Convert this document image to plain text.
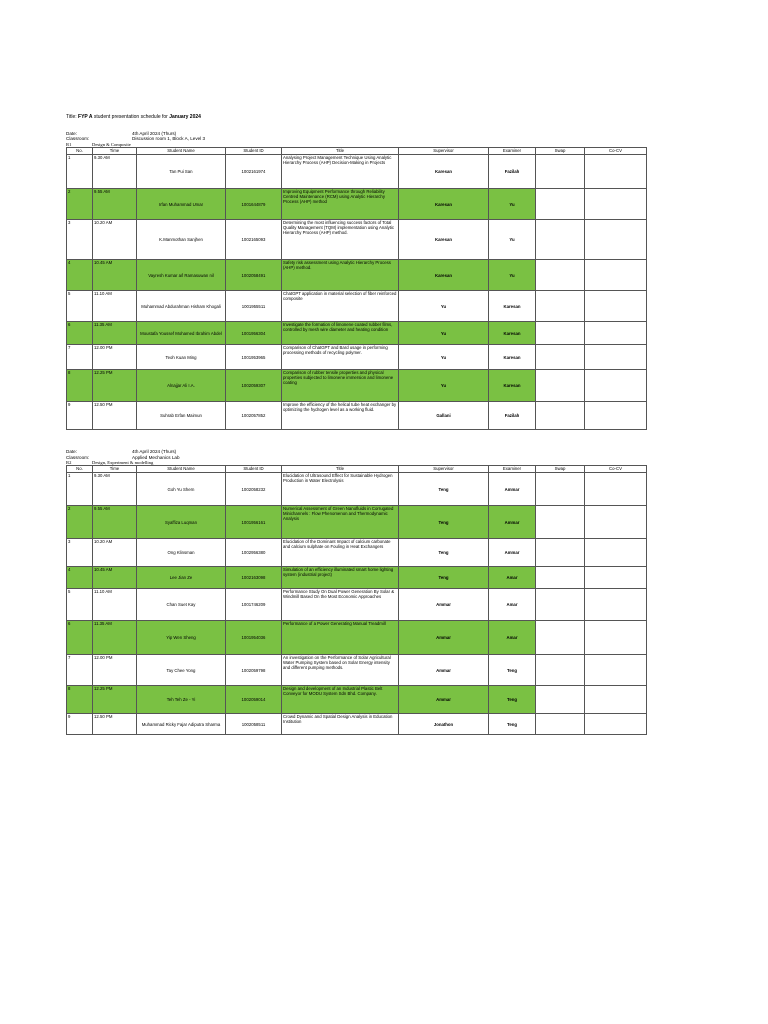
Title: FYP A student presentation schedule for January 2024
Date:	4th April 2024 (Thurs)
Classroom:	Discussion room 1, Block A, Level 3
R1	Design & Composite
No.	Time	Student Name	Student ID	Title	Supervisor	Examiner	Swap	Co-CV
1	9.30 AM	Tan Pui San	1002161974	Analysing Project Management Technique Using Analytic Hierarchy Process (AHP) Decision-Making in Projects	Karesan	Fazilah		
2	9.55 AM	Irfan Muhammad Umar	1001644879	Improving Equipment Performance through Reliability Centred Maintenance (RCM) using Analytic Hierarchy Process (AHP) method	Karesan	Yu		
3	10.20 AM	K.Manmothan Sanjhen	1002165093	Determining the most influencing success factors of Total Quality Management (TQM) implementation using Analytic Hierarchy Process (AHP) method.	Karesan	Yu		
4	10.45 AM	Vayresh Kumar a/l Ramasuwan nil	1002058491	Safety risk assessment using Analytic Hierarchy Process (AHP) method.	Karesan	Yu		
5	11.10 AM	Muhammad Abdurahman Hisham Khogali	1001955511	ChatGPT application in material selection of fiber reinforced composite	Yu	Karesan		
6	11.35 AM	Moustafa Youssef Mohamed Ibrahim Abdel	1001956304	Investigate the formation of limonene coated rubber films, controlled by mesh wire diameter and heating condition	Yu	Karesan		
7	12.00 PM	Teoh Kuan Ming	1001953965	Comparison of ChatGPT and Bard usage in performing processing methods of recycling polymer.	Yu	Karesan		
8	12.25 PM	Alnajjar Ali I.A.	1002059307	Comparison of rubber tensile properties and physical properties subjected to limonene immersion and limonene coating	Yu	Karesan		
9	12.50 PM	Suhrab Erfan Maimun	1002057852	Improve the efficiency of the helical tube heat exchanger by optimizing the hydrogen level as a working fluid.	Gallani	Fazilah		
Date:	4th April 2024 (Thurs)
Classroom:	Applied Mechanics Lab
R2	Design, Experiment & modelling
No.	Time	Student Name	Student ID	Title	Supervisor	Examiner	Swap	Co-CV
1	9.30 AM	Goh Yu Shern	1002058232	Elucidation of Ultrasound Effect for Sustainable Hydrogen Production in Water Electrolysis	Teng	Ammar		
2	9.55 AM	Syaffiza Luqman	1001956161	Numerical Assessment of Green Nanofluids in Corrugated Minichannels : Flow Phenomenon and Thermodynamic Analysis	Teng	Ammar		
3	10.20 AM	Ong Klinsman	1002956380	Elucidation of the Dominant Impact of calcium carbonate and calcium sulphate on Fouling in Heat Exchangers	Teng	Ammar		
4	10.45 AM	Lee Jian Ze	1002163098	Simulation of an efficiency illuminated smart home lighting system (industrial project)	Teng	Amar		
5	11.10 AM	Chan Suet Kay	1001746209	Performance Study On Dual Power Generation By Solar & Windmill Based On the Most Economic Approaches	Ammar	Amar		
6	11.35 AM	Yip Wen Sheng	1001954036	Performance of a Power Generating Manual Treadmill	Ammar	Amar		
7	12.00 PM	Tay Chee Yong	1002059798	An investigation on the Performance of Solar Agricultural Water Pumping System based on Solar Energy intensity and different pumping methods.	Ammar	Teng		
8	12.25 PM	Teh Teh Ze - Yi	1002059014	Design and development of an Industrial Plastic Belt Conveyor for MODU System Sdn Bhd. Company.	Ammar	Teng		
9	12.50 PM	Muhammad Ricky Fajar Adiputra Sharma	1002058511	Crowd Dynamic and Spatial Design Analysis in Education Institution	Jonathon	Teng		
